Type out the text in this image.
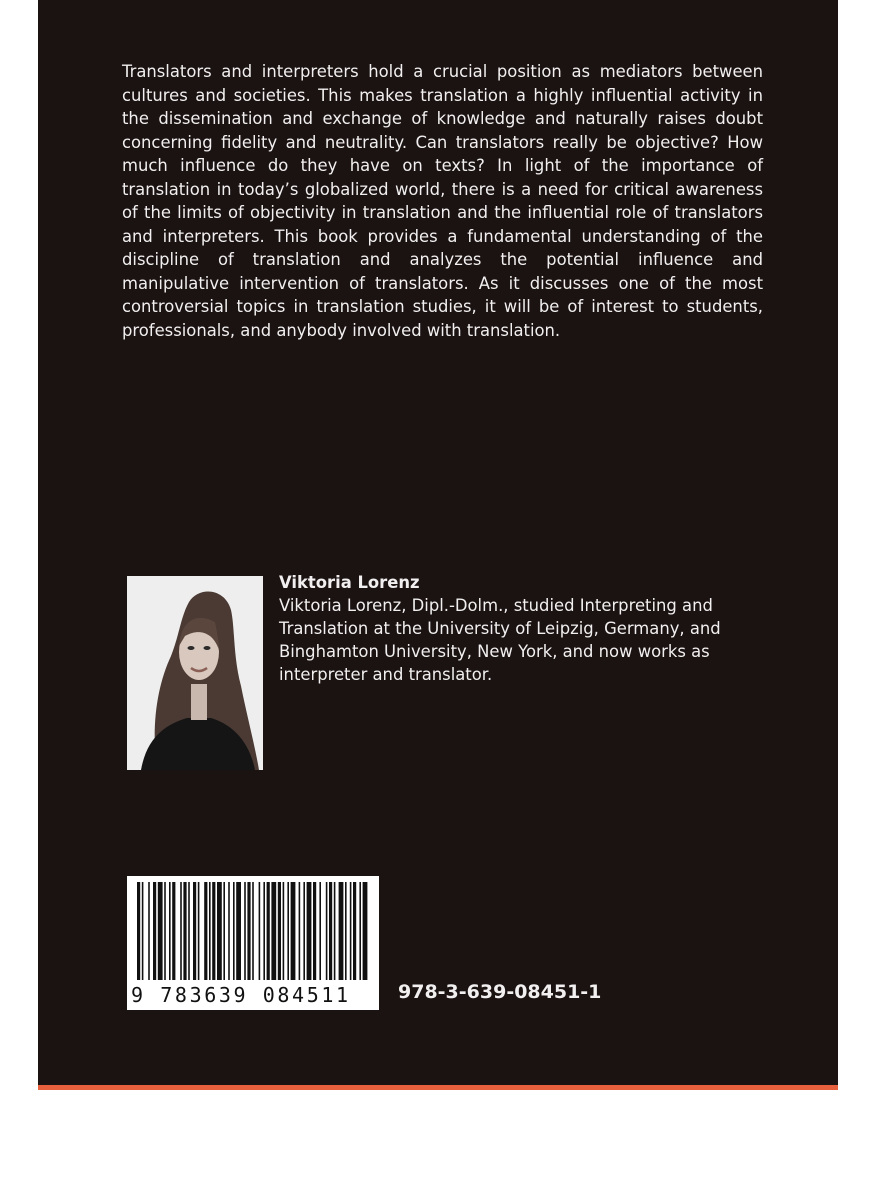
Translators and interpreters hold a crucial position as mediators between cultures and societies. This makes translation a highly influential activity in the dissemination and exchange of knowledge and naturally raises doubt concerning fidelity and neutrality. Can translators really be objective? How much influence do they have on texts? In light of the importance of translation in today’s globalized world, there is a need for critical awareness of the limits of objectivity in translation and the influential role of translators and interpreters. This book provides a fundamental understanding of the discipline of translation and analyzes the potential influence and manipulative intervention of translators. As it discusses one of the most controversial topics in translation studies, it will be of interest to students, professionals, and anybody involved with translation.

Viktoria Lorenz

Viktoria Lorenz, Dipl.-Dolm., studied Interpreting and Translation at the University of Leipzig, Germany, and Binghamton University, New York, and now works as interpreter and translator.

9 783639 084511	978-3-639-08451-1
